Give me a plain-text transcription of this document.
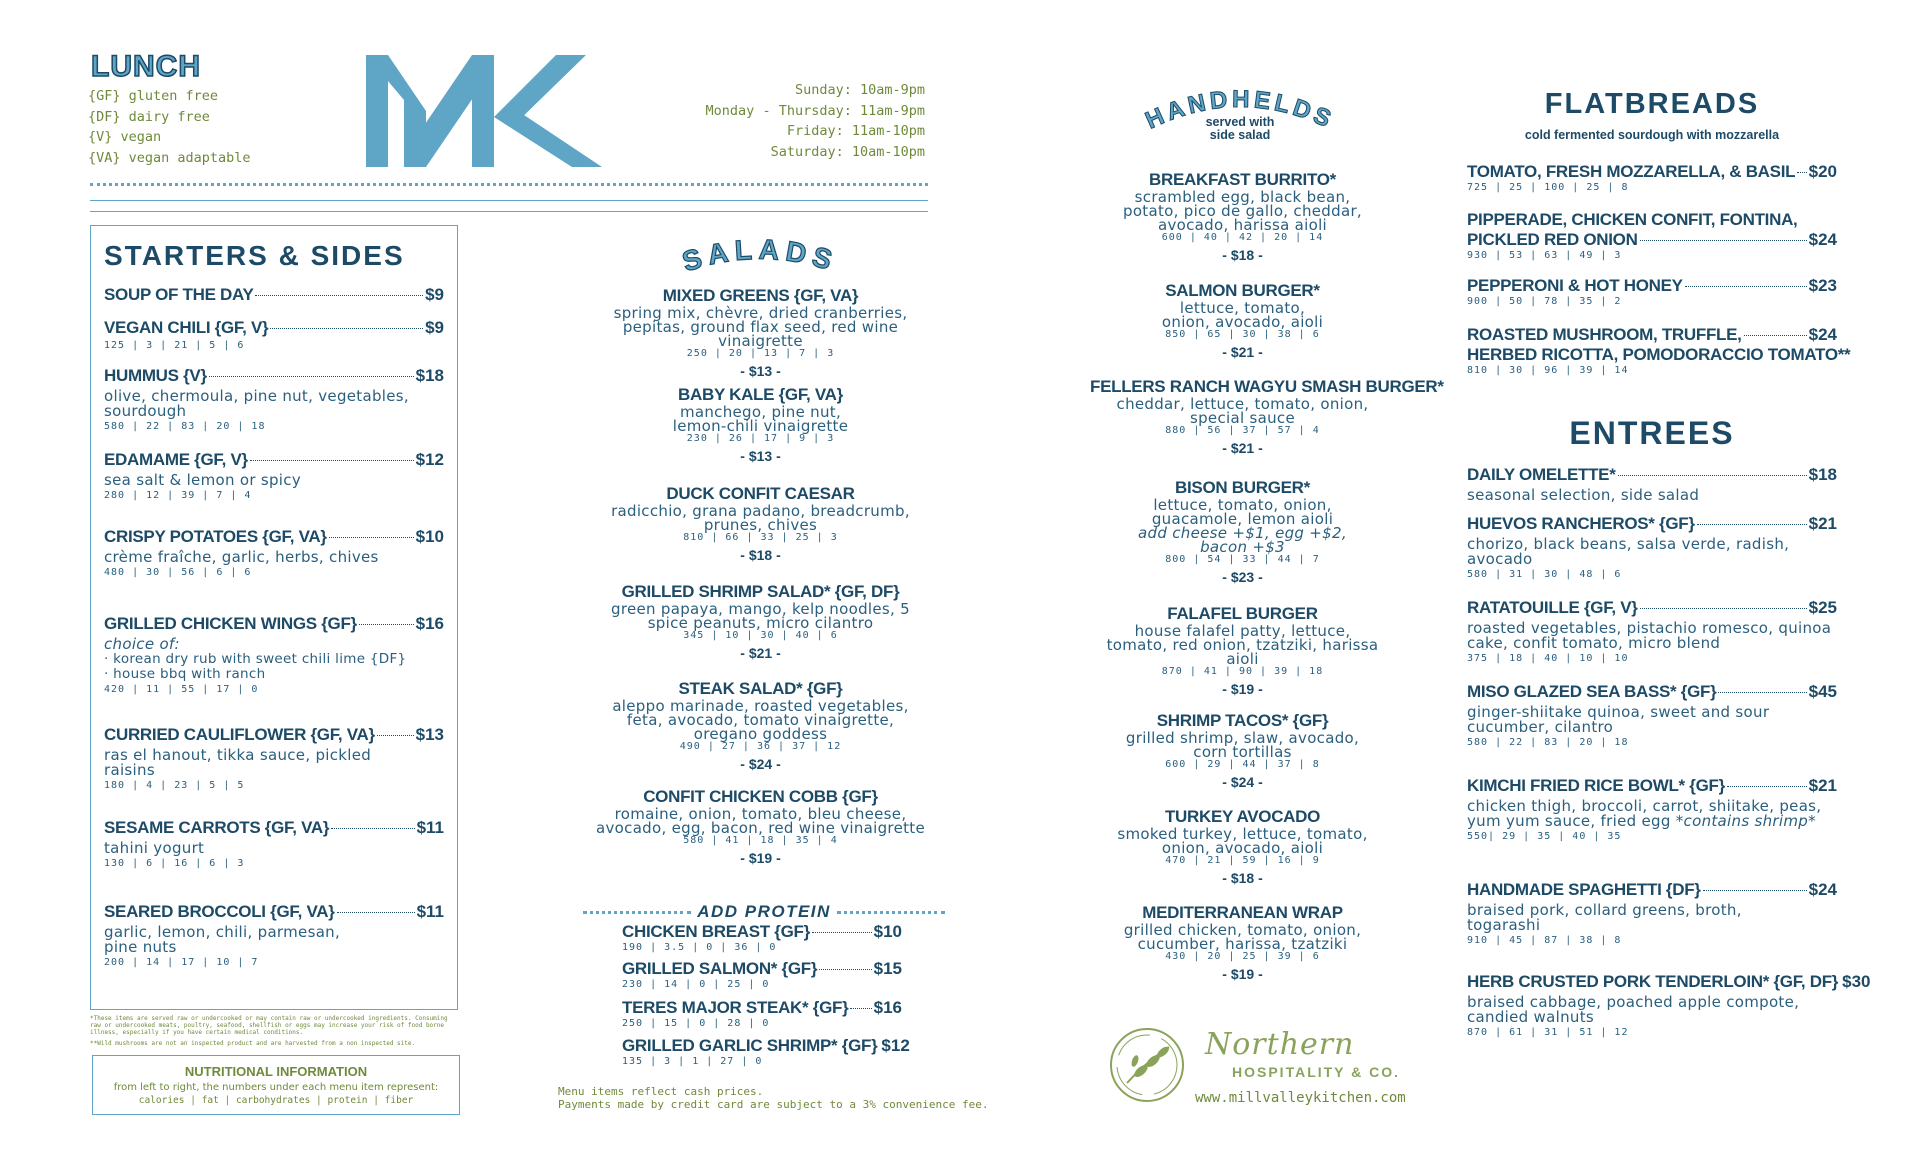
LUNCH
{GF} gluten free
{DF} dairy free
{V} vegan
{VA} vegan adaptable
Sunday: 10am-9pm
Monday - Thursday: 11am-9pm
Friday: 11am-10pm
Saturday: 10am-10pm
STARTERS & SIDES
SOUP OF THE DAY	$9
VEGAN CHILI {GF, V}	$9
125 | 3 | 21 | 5 | 6
HUMMUS {V}	$18
olive, chermoula, pine nut, vegetables, sourdough
580 | 22 | 83 | 20 | 18
EDAMAME {GF, V}	$12
sea salt & lemon or spicy
280 | 12 | 39 | 7 | 4
CRISPY POTATOES {GF, VA}	$10
crème fraîche, garlic, herbs, chives
480 | 30 | 56 | 6 | 6
GRILLED CHICKEN WINGS {GF}	$16
choice of:
· korean dry rub with sweet chili lime {DF}
· house bbq with ranch
420 | 11 | 55 | 17 | 0
CURRIED CAULIFLOWER {GF, VA} $13
ras el hanout, tikka sauce, pickled raisins
180 | 4 | 23 | 5 | 5
SESAME CARROTS {GF, VA}	$11
tahini yogurt
130 | 6 | 16 | 6 | 3
SEARED BROCCOLI {GF, VA}	$11
garlic, lemon, chili, parmesan, pine nuts
200 | 14 | 17 | 10 | 7
*These items are served raw or undercooked or may contain raw or undercooked ingredients. Consuming raw or undercooked meats, poultry, seafood, shellfish or eggs may increase your risk of food borne illness, especially if you have certain medical conditions.
**Wild mushrooms are not an inspected product and are harvested from a non inspected site.
NUTRITIONAL INFORMATION
from left to right, the numbers under each menu item represent:
calories | fat | carbohydrates | protein | fiber
SALADS
MIXED GREENS {GF, VA}
spring mix, chèvre, dried cranberries, pepitas, ground flax seed, red wine vinaigrette
250 | 20 | 13 | 7 | 3
- $13 -
BABY KALE {GF, VA}
manchego, pine nut, lemon-chili vinaigrette
230 | 26 | 17 | 9 | 3
- $13 -
DUCK CONFIT CAESAR
radicchio, grana padano, breadcrumb, prunes, chives
810 | 66 | 33 | 25 | 3
- $18 -
GRILLED SHRIMP SALAD* {GF, DF}
green papaya, mango, kelp noodles, 5 spice peanuts, micro cilantro
345 | 10 | 30 | 40 | 6
- $21 -
STEAK SALAD* {GF}
aleppo marinade, roasted vegetables, feta, avocado, tomato vinaigrette, oregano goddess
490 | 27 | 36 | 37 | 12
- $24 -
CONFIT CHICKEN COBB {GF}
romaine, onion, tomato, bleu cheese, avocado, egg, bacon, red wine vinaigrette
580 | 41 | 18 | 35 | 4
- $19 -
ADD PROTEIN
CHICKEN BREAST {GF}	$10
190 | 3.5 | 0 | 36 | 0
GRILLED SALMON* {GF}	$15
230 | 14 | 0 | 25 | 0
TERES MAJOR STEAK* {GF} $16
250 | 15 | 0 | 28 | 0
GRILLED GARLIC SHRIMP* {GF} $12
135 | 3 | 1 | 27 | 0
Menu items reflect cash prices.
Payments made by credit card are subject to a 3% convenience fee.
HANDHELDS
served with
side salad
BREAKFAST BURRITO*
scrambled egg, black bean, potato, pico de gallo, cheddar, avocado, harissa aioli
600 | 40 | 42 | 20 | 14
- $18 -
SALMON BURGER*
lettuce, tomato, onion, avocado, aioli
850 | 65 | 30 | 38 | 6
- $21 -
FELLERS RANCH WAGYU SMASH BURGER*
cheddar, lettuce, tomato, onion, special sauce
880 | 56 | 37 | 57 | 4
- $21 -
BISON BURGER*
lettuce, tomato, onion, guacamole, lemon aioli
add cheese +$1, egg +$2, bacon +$3
800 | 54 | 33 | 44 | 7
- $23 -
FALAFEL BURGER
house falafel patty, lettuce, tomato, red onion, tzatziki, harissa aioli
870 | 41 | 90 | 39 | 18
- $19 -
SHRIMP TACOS* {GF}
grilled shrimp, slaw, avocado, corn tortillas
600 | 29 | 44 | 37 | 8
- $24 -
TURKEY AVOCADO
smoked turkey, lettuce, tomato, onion, avocado, aioli
470 | 21 | 59 | 16 | 9
- $18 -
MEDITERRANEAN WRAP
grilled chicken, tomato, onion, cucumber, harissa, tzatziki
430 | 20 | 25 | 39 | 6
- $19 -
Northern
HOSPITALITY & CO.
www.millvalleykitchen.com
FLATBREADS
cold fermented sourdough with mozzarella
TOMATO, FRESH MOZZARELLA, & BASIL $20
725 | 25 | 100 | 25 | 8
PIPPERADE, CHICKEN CONFIT, FONTINA,
PICKLED RED ONION	$24
930 | 53 | 63 | 49 | 3
PEPPERONI & HOT HONEY	$23
900 | 50 | 78 | 35 | 2
ROASTED MUSHROOM, TRUFFLE,	$24
HERBED RICOTTA, POMODORACCIO TOMATO**
810 | 30 | 96 | 39 | 14
ENTREES
DAILY OMELETTE*	$18
seasonal selection, side salad
HUEVOS RANCHEROS* {GF}	$21
chorizo, black beans, salsa verde, radish, avocado
580 | 31 | 30 | 48 | 6
RATATOUILLE {GF, V}	$25
roasted vegetables, pistachio romesco, quinoa cake, confit tomato, micro blend
375 | 18 | 40 | 10 | 10
MISO GLAZED SEA BASS* {GF}	$45
ginger-shiitake quinoa, sweet and sour cucumber, cilantro
580 | 22 | 83 | 20 | 18
KIMCHI FRIED RICE BOWL* {GF}	$21
chicken thigh, broccoli, carrot, shiitake, peas, yum yum sauce, fried egg *contains shrimp*
550| 29 | 35 | 40 | 35
HANDMADE SPAGHETTI {DF}	$24
braised pork, collard greens, broth, togarashi
910 | 45 | 87 | 38 | 8
HERB CRUSTED PORK TENDERLOIN* {GF, DF} $30
braised cabbage, poached apple compote, candied walnuts
870 | 61 | 31 | 51 | 12
